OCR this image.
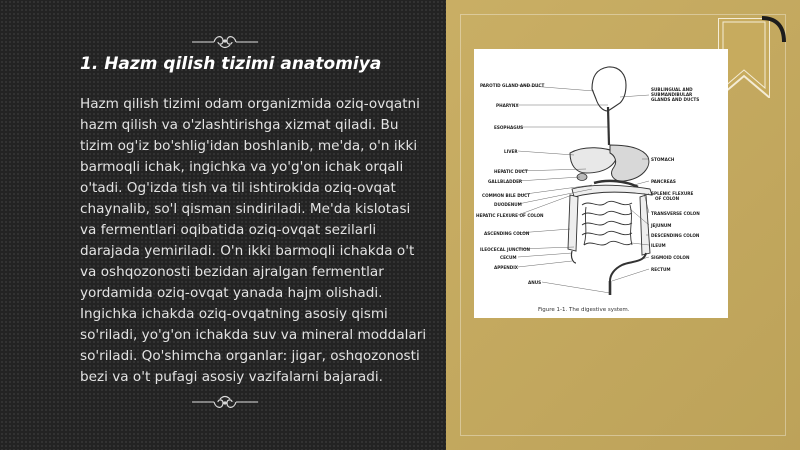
1. Hazm qilish tizimi anatomiya

Hazm qilish tizimi odam organizmida oziq-ovqatni hazm qilish va o'zlashtirishga xizmat qiladi. Bu tizim og'iz bo'shlig'idan boshlanib, me'da, o'n ikki barmoqli ichak, ingichka va yo'g'on ichak orqali o'tadi. Og'izda tish va til ishtirokida oziq-ovqat chaynalib, so'l qisman sindiriladi. Me'da kislotasi va fermentlari oqibatida oziq-ovqat sezilarli darajada yemiriladi. O'n ikki barmoqli ichakda o't va oshqozonosti bezidan ajralgan fermentlar yordamida oziq-ovqat yanada hajm olishadi. Ingichka ichakda oziq-ovqatning asosiy qismi so'riladi, yo'g'on ichakda suv va mineral moddalari so'riladi. Qo'shimcha organlar: jigar, oshqozonosti bezi va o't pufagi asosiy vazifalarni bajaradi.

PAROTID GLAND AND DUCT
PHARYNX
ESOPHAGUS
LIVER
HEPATIC DUCT
GALLBLADDER
COMMON BILE DUCT
DUODENUM
HEPATIC FLEXURE OF COLON
ASCENDING COLON
ILEOCECAL JUNCTION
CECUM
APPENDIX
ANUS
SUBLINGUAL AND
SUBMANDIBULAR
GLANDS AND DUCTS
STOMACH
PANCREAS
SPLENIC FLEXURE
OF COLON
TRANSVERSE COLON
JEJUNUM
DESCENDING COLON
ILEUM
SIGMOID COLON
RECTUM
Figure 1-1. The digestive system.
